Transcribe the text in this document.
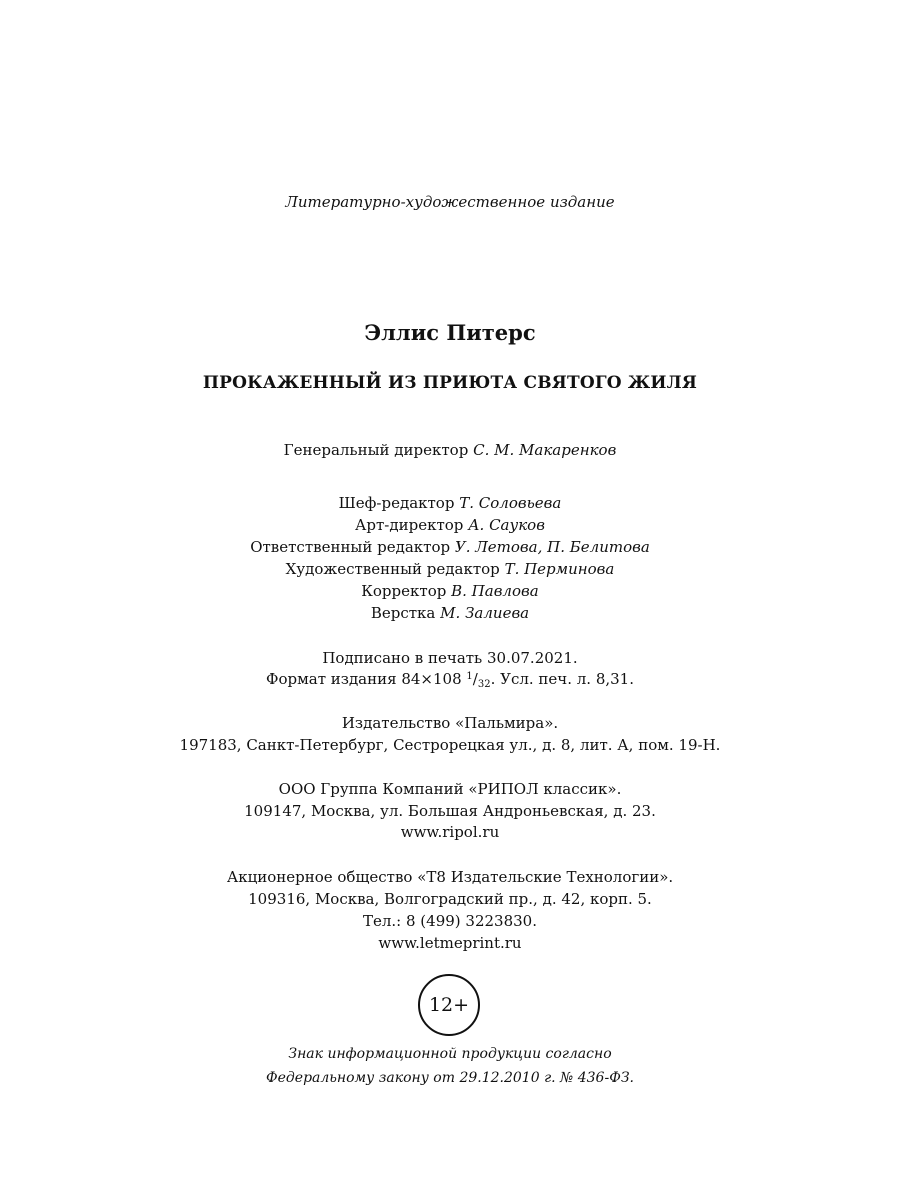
Литературно-художественное издание
Эллис Питерс
ПРОКАЖЕННЫЙ ИЗ ПРИЮТА СВЯТОГО ЖИЛЯ
Генеральный директор С. М. Макаренков
Шеф-редактор Т. Соловьева
Арт-директор А. Сауков
Ответственный редактор У. Летова, П. Белитова
Художественный редактор Т. Перминова
Корректор В. Павлова
Верстка М. Залиева
Подписано в печать 30.07.2021.
Формат издания 84×108 $^1/_{32}$. Усл. печ. л. 8,31.
Издательство «Пальмира».
197183, Санкт-Петербург, Сестрорецкая ул., д. 8, лит. А, пом. 19-Н.
ООО Группа Компаний «РИПОЛ классик».
109147, Москва, ул. Большая Андроньевская, д. 23.
www.ripol.ru
Акционерное общество «Т8 Издательские Технологии».
109316, Москва, Волгоградский пр., д. 42, корп. 5.
Тел.: 8 (499) 3223830.
www.letmeprint.ru
12+
Знак информационной продукции согласно
Федеральному закону от 29.12.2010 г. № 436-ФЗ.
